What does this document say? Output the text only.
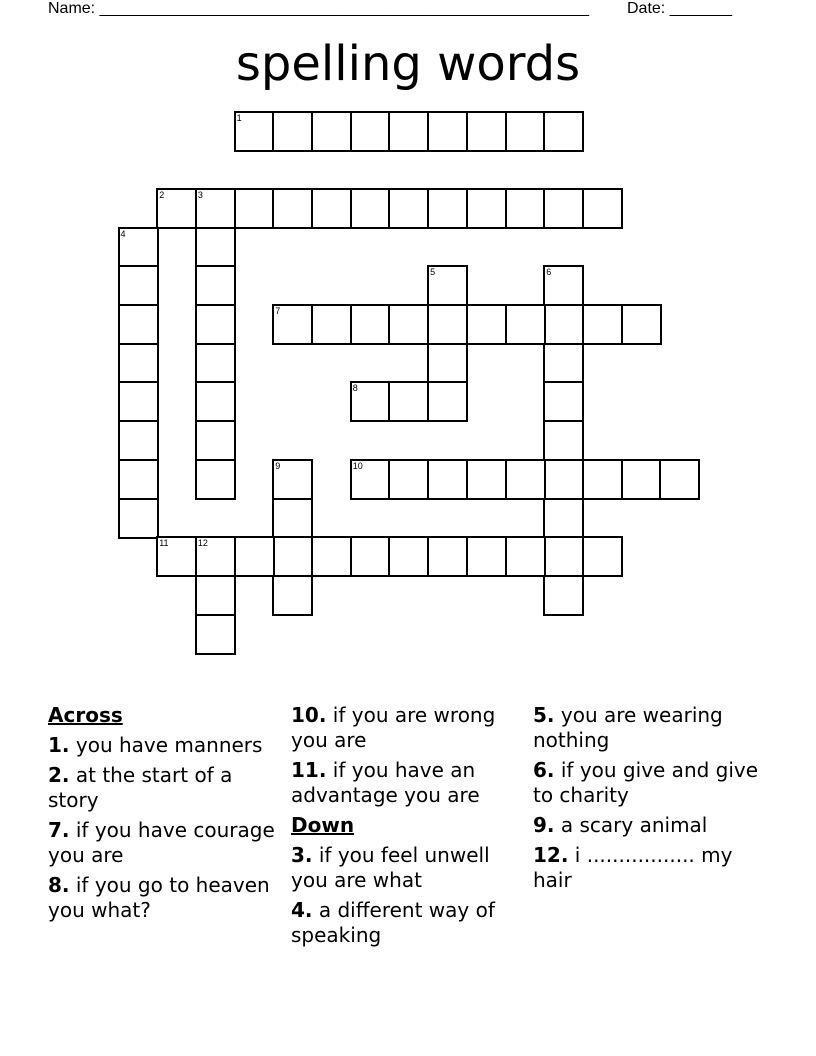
Name: _______________________________________________________ Date: _______
spelling words
1
2	3
4
5	6
7
8
9	10
11	12
Across
1. you have manners
2. at the start of a story
7. if you have courage you are
8. if you go to heaven you what?
10. if you are wrong you are
11. if you have an advantage you are
Down
3. if you feel unwell you are what
4. a different way of speaking
5. you are wearing nothing
6. if you give and give to charity
9. a scary animal
12. i ................. my hair
